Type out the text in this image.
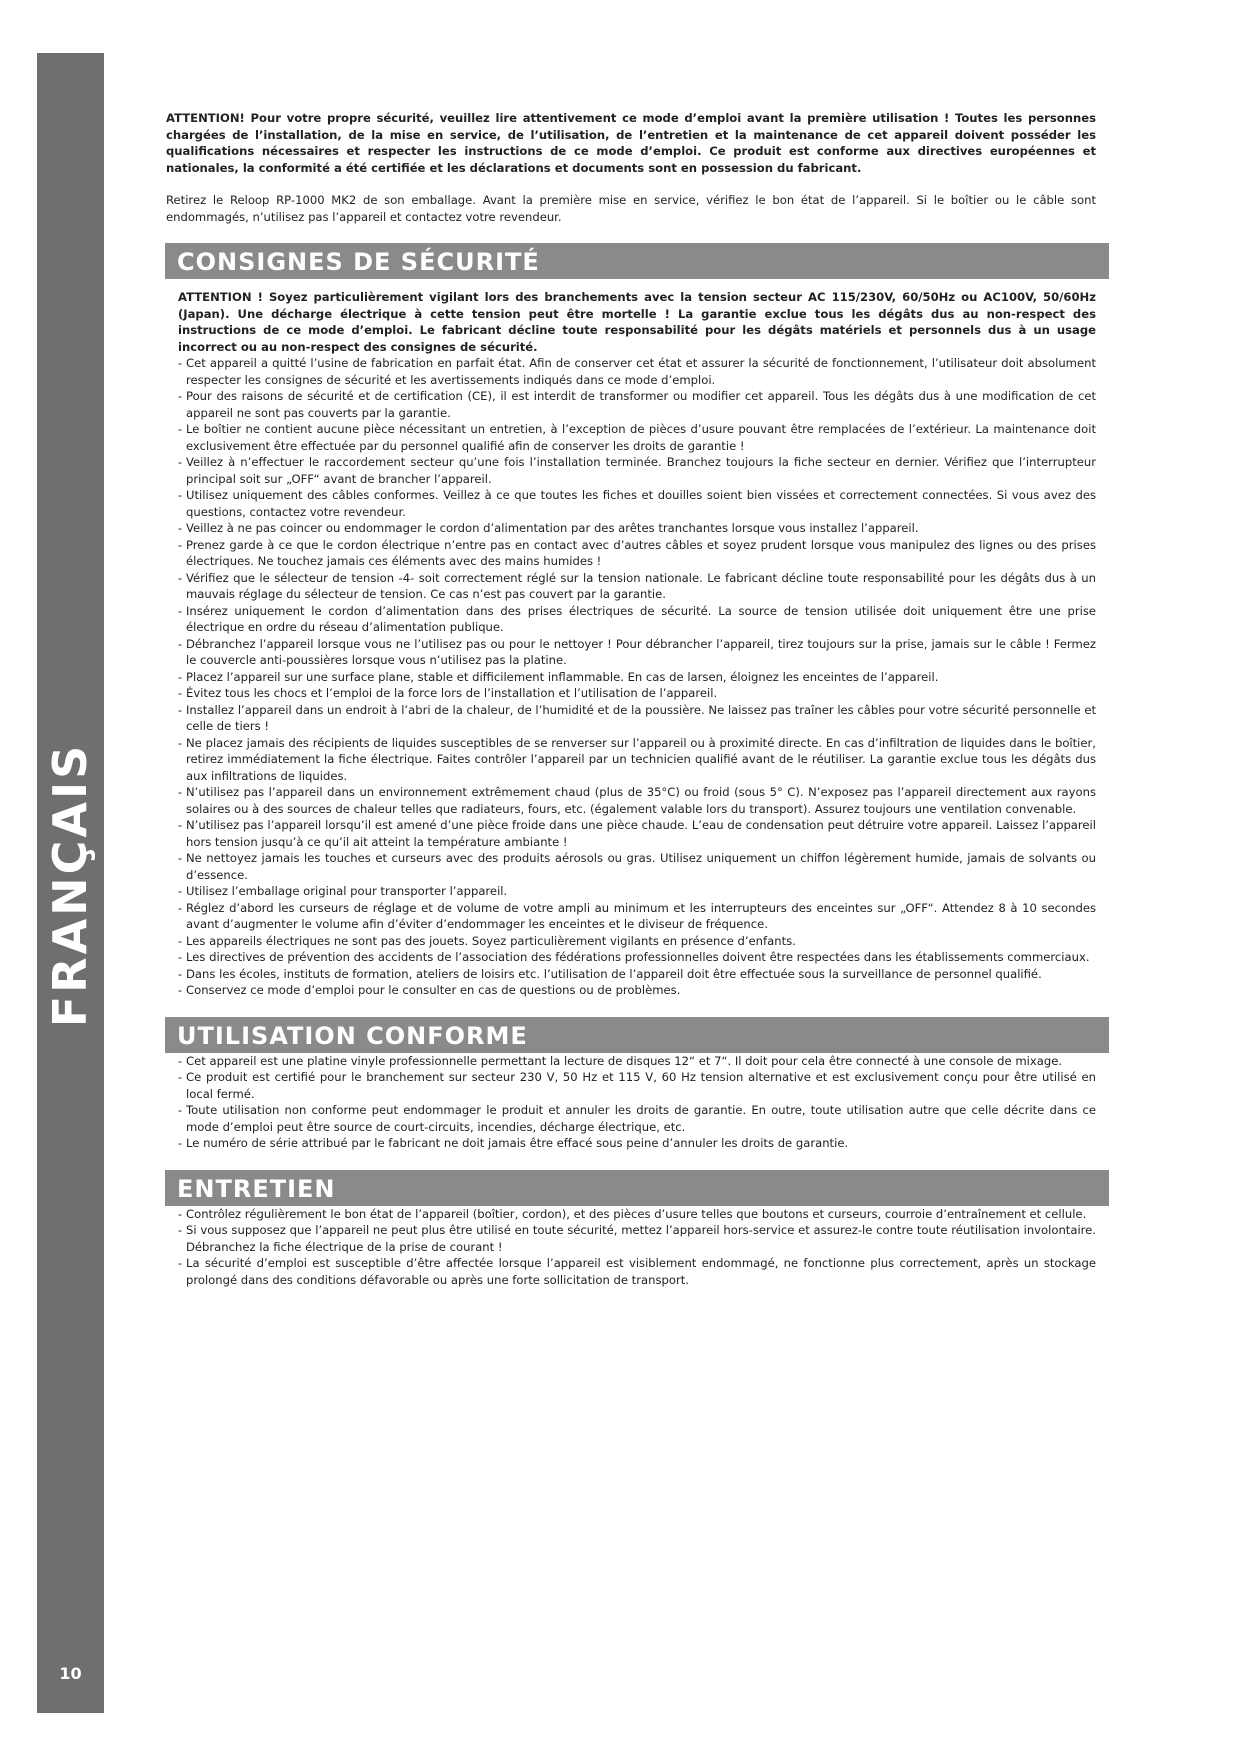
FRANÇAIS
10

ATTENTION! Pour votre propre sécurité, veuillez lire attentivement ce mode d’emploi avant la première utilisation ! Toutes les personnes chargées de l’installation, de la mise en service, de l’utilisation, de l’entretien et la maintenance de cet appareil doivent posséder les qualifications nécessaires et respecter les instructions de ce mode d’emploi. Ce produit est conforme aux directives européennes et nationales, la conformité a été certifiée et les déclarations et documents sont en possession du fabricant.

Retirez le Reloop RP-1000 MK2 de son emballage. Avant la première mise en service, vérifiez le bon état de l’appareil. Si le boîtier ou le câble sont endommagés, n’utilisez pas l’appareil et contactez votre revendeur.

CONSIGNES DE SÉCURITÉ

ATTENTION ! Soyez particulièrement vigilant lors des branchements avec la tension secteur AC 115/230V, 60/50Hz ou AC100V, 50/60Hz (Japan). Une décharge électrique à cette tension peut être mortelle ! La garantie exclue tous les dégâts dus au non-respect des instructions de ce mode d’emploi. Le fabricant décline toute responsabilité pour les dégâts matériels et personnels dus à un usage incorrect ou au non-respect des consignes de sécurité.

- Cet appareil a quitté l’usine de fabrication en parfait état. Afin de conserver cet état et assurer la sécurité de fonctionnement, l’utilisateur doit absolument respecter les consignes de sécurité et les avertissements indiqués dans ce mode d’emploi.
- Pour des raisons de sécurité et de certification (CE), il est interdit de transformer ou modifier cet appareil. Tous les dégâts dus à une modification de cet appareil ne sont pas couverts par la garantie.
- Le boîtier ne contient aucune pièce nécessitant un entretien, à l’exception de pièces d’usure pouvant être remplacées de l’extérieur. La maintenance doit exclusivement être effectuée par du personnel qualifié afin de conserver les droits de garantie !
- Veillez à n’effectuer le raccordement secteur qu’une fois l’installation terminée. Branchez toujours la fiche secteur en dernier. Vérifiez que l’interrupteur principal soit sur „OFF“ avant de brancher l’appareil.
- Utilisez uniquement des câbles conformes. Veillez à ce que toutes les fiches et douilles soient bien vissées et correctement connectées. Si vous avez des questions, contactez votre revendeur.
- Veillez à ne pas coincer ou endommager le cordon d’alimentation par des arêtes tranchantes lorsque vous installez l’appareil.
- Prenez garde à ce que le cordon électrique n’entre pas en contact avec d’autres câbles et soyez prudent lorsque vous manipulez des lignes ou des prises électriques. Ne touchez jamais ces éléments avec des mains humides !
- Vérifiez que le sélecteur de tension -4- soit correctement réglé sur la tension nationale. Le fabricant décline toute responsabilité pour les dégâts dus à un mauvais réglage du sélecteur de tension. Ce cas n’est pas couvert par la garantie.
- Insérez uniquement le cordon d’alimentation dans des prises électriques de sécurité. La source de tension utilisée doit uniquement être une prise électrique en ordre du réseau d’alimentation publique.
- Débranchez l’appareil lorsque vous ne l’utilisez pas ou pour le nettoyer ! Pour débrancher l’appareil, tirez toujours sur la prise, jamais sur le câble ! Fermez le couvercle anti-poussières lorsque vous n’utilisez pas la platine.
- Placez l’appareil sur une surface plane, stable et difficilement inflammable. En cas de larsen, éloignez les enceintes de l’appareil.
- Évitez tous les chocs et l’emploi de la force lors de l’installation et l’utilisation de l’appareil.
- Installez l’appareil dans un endroit à l’abri de la chaleur, de l’humidité et de la poussière. Ne laissez pas traîner les câbles pour votre sécurité personnelle et celle de tiers !
- Ne placez jamais des récipients de liquides susceptibles de se renverser sur l’appareil ou à proximité directe. En cas d’infiltration de liquides dans le boîtier, retirez immédiatement la fiche électrique. Faites contrôler l’appareil par un technicien qualifié avant de le réutiliser. La garantie exclue tous les dégâts dus aux infiltrations de liquides.
- N’utilisez pas l’appareil dans un environnement extrêmement chaud (plus de 35°C) ou froid (sous 5° C). N’exposez pas l’appareil directement aux rayons solaires ou à des sources de chaleur telles que radiateurs, fours, etc. (également valable lors du transport). Assurez toujours une ventilation convenable.
- N’utilisez pas l’appareil lorsqu’il est amené d’une pièce froide dans une pièce chaude. L’eau de condensation peut détruire votre appareil. Laissez l’appareil hors tension jusqu’à ce qu’il ait atteint la température ambiante !
- Ne nettoyez jamais les touches et curseurs avec des produits aérosols ou gras. Utilisez uniquement un chiffon légèrement humide, jamais de solvants ou d’essence.
- Utilisez l’emballage original pour transporter l’appareil.
- Réglez d’abord les curseurs de réglage et de volume de votre ampli au minimum et les interrupteurs des enceintes sur „OFF“. Attendez 8 à 10 secondes avant d’augmenter le volume afin d’éviter d’endommager les enceintes et le diviseur de fréquence.
- Les appareils électriques ne sont pas des jouets. Soyez particulièrement vigilants en présence d’enfants.
- Les directives de prévention des accidents de l’association des fédérations professionnelles doivent être respectées dans les établissements commerciaux.
- Dans les écoles, instituts de formation, ateliers de loisirs etc. l’utilisation de l’appareil doit être effectuée sous la surveillance de personnel qualifié.
- Conservez ce mode d’emploi pour le consulter en cas de questions ou de problèmes.
UTILISATION CONFORME
- Cet appareil est une platine vinyle professionnelle permettant la lecture de disques 12“ et 7“. Il doit pour cela être connecté à une console de mixage.
- Ce produit est certifié pour le branchement sur secteur 230 V, 50 Hz et 115 V, 60 Hz tension alternative et est exclusivement conçu pour être utilisé en local fermé.
- Toute utilisation non conforme peut endommager le produit et annuler les droits de garantie. En outre, toute utilisation autre que celle décrite dans ce mode d’emploi peut être source de court-circuits, incendies, décharge électrique, etc.
- Le numéro de série attribué par le fabricant ne doit jamais être effacé sous peine d’annuler les droits de garantie.
ENTRETIEN
- Contrôlez régulièrement le bon état de l’appareil (boîtier, cordon), et des pièces d’usure telles que boutons et curseurs, courroie d’entraînement et cellule.
- Si vous supposez que l’appareil ne peut plus être utilisé en toute sécurité, mettez l’appareil hors-service et assurez-le contre toute réutilisation involontaire. Débranchez la fiche électrique de la prise de courant !
- La sécurité d’emploi est susceptible d’être affectée lorsque l’appareil est visiblement endommagé, ne fonctionne plus correctement, après un stockage prolongé dans des conditions défavorable ou après une forte sollicitation de transport.
